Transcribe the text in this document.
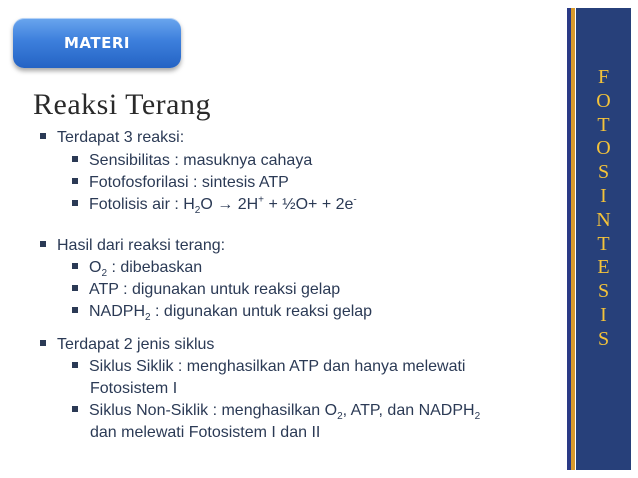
MATERI
Reaksi Terang
Terdapat 3 reaksi:
Sensibilitas : masuknya cahaya
Fotofosforilasi : sintesis ATP
Fotolisis air : $H_2O \to 2H^+$ + ½O+ + 2e-
Hasil dari reaksi terang:
$O_2$ : dibebaskan
ATP : digunakan untuk reaksi gelap
$NADPH_2$ : digunakan untuk reaksi gelap
Terdapat 2 jenis siklus
Siklus Siklik : menghasilkan ATP dan hanya melewati
Fotosistem I
Siklus Non-Siklik : menghasilkan $O_2$, ATP, dan $NADPH_2$
dan melewati Fotosistem I dan II
F
O
T
O
S
I
N
T
E
S
I
S
